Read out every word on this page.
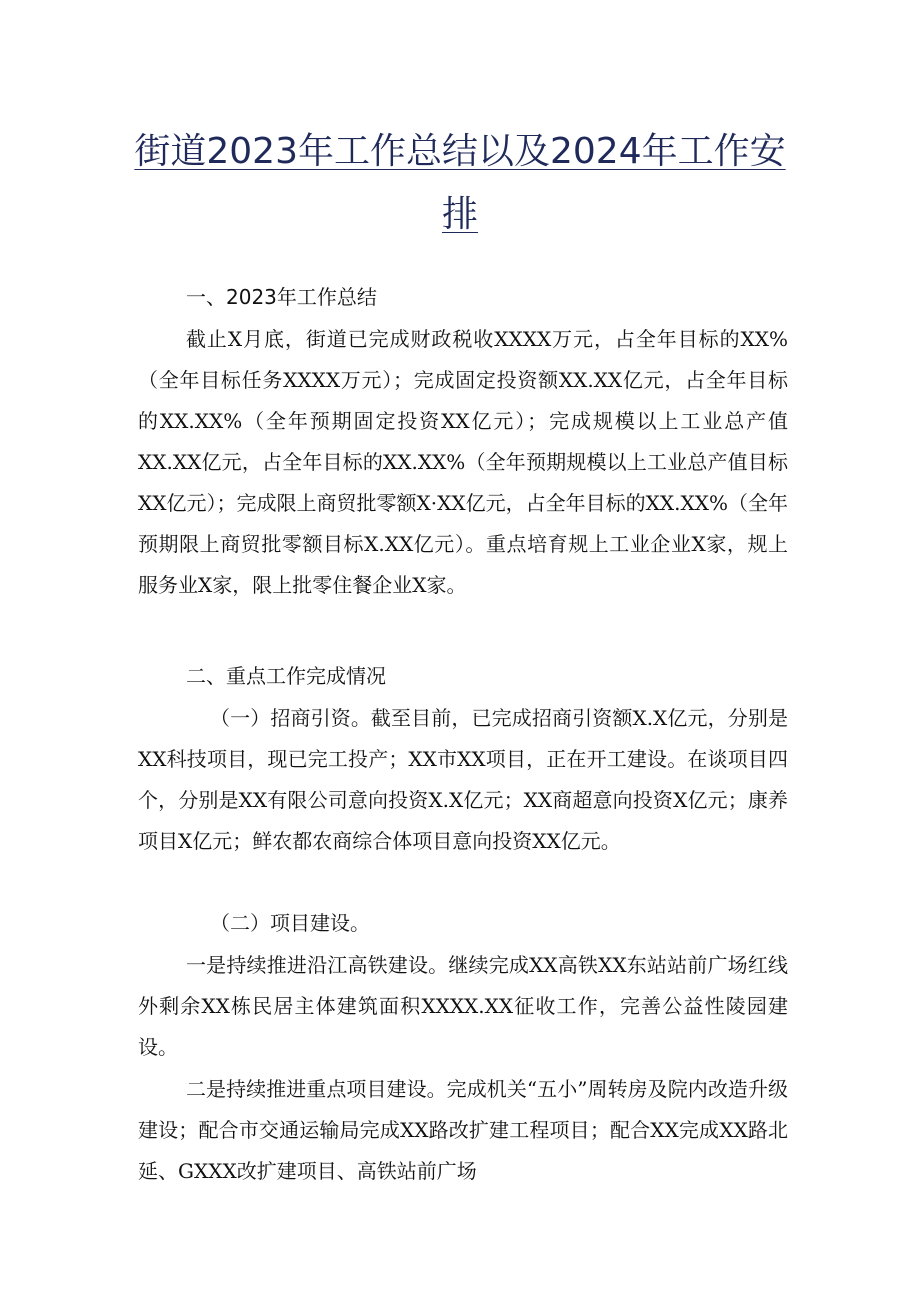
街道2023年工作总结以及2024年工作安
排
一、2023年工作总结

截止X月底，街道已完成财政税收XXXX万元，占全年目标的XX%（全年目标任务XXXX万元）；完成固定投资额XX.XX亿元，占全年目标的XX.XX%（全年预期固定投资XX亿元）；完成规模以上工业总产值XX.XX亿元，占全年目标的XX.XX%（全年预期规模以上工业总产值目标XX亿元）；完成限上商贸批零额X·XX亿元，占全年目标的XX.XX%（全年预期限上商贸批零额目标X.XX亿元）。重点培育规上工业企业X家，规上服务业X家，限上批零住餐企业X家。

二、重点工作完成情况

（一）招商引资。截至目前，已完成招商引资额X.X亿元，分别是XX科技项目，现已完工投产；XX市XX项目，正在开工建设。在谈项目四个，分别是XX有限公司意向投资X.X亿元；XX商超意向投资X亿元；康养项目X亿元；鲜农都农商综合体项目意向投资XX亿元。

（二）项目建设。

一是持续推进沿江高铁建设。继续完成XX高铁XX东站站前广场红线外剩余XX栋民居主体建筑面积XXXX.XX征收工作，完善公益性陵园建设。

二是持续推进重点项目建设。完成机关“五小”周转房及院内改造升级建设；配合市交通运输局完成XX路改扩建工程项目；配合XX完成XX路北延、GXXX改扩建项目、高铁站前广场
